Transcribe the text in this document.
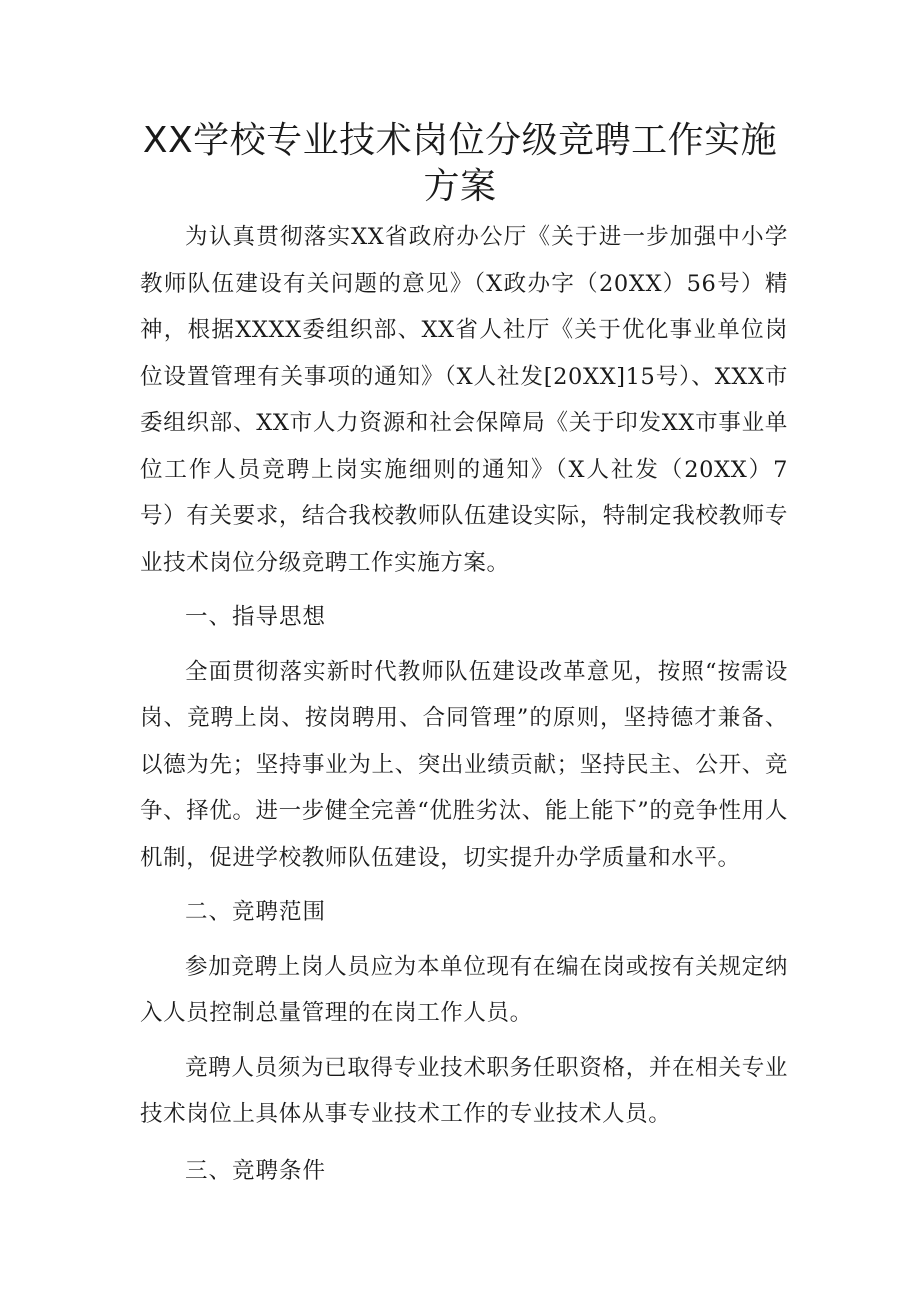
XX学校专业技术岗位分级竞聘工作实施方案

为认真贯彻落实XX省政府办公厅《关于进一步加强中小学教师队伍建设有关问题的意见》（X政办字（20XX）56号）精神，根据XXXX委组织部、XX省人社厅《关于优化事业单位岗位设置管理有关事项的通知》（X人社发[20XX]15号）、XXX市委组织部、XX市人力资源和社会保障局《关于印发XX市事业单位工作人员竞聘上岗实施细则的通知》（X人社发（20XX）7号）有关要求，结合我校教师队伍建设实际，特制定我校教师专业技术岗位分级竞聘工作实施方案。

一、指导思想

全面贯彻落实新时代教师队伍建设改革意见，按照“按需设岗、竞聘上岗、按岗聘用、合同管理”的原则，坚持德才兼备、以德为先；坚持事业为上、突出业绩贡献；坚持民主、公开、竞争、择优。进一步健全完善“优胜劣汰、能上能下”的竞争性用人机制，促进学校教师队伍建设，切实提升办学质量和水平。

二、竞聘范围

参加竞聘上岗人员应为本单位现有在编在岗或按有关规定纳入人员控制总量管理的在岗工作人员。

竞聘人员须为已取得专业技术职务任职资格，并在相关专业技术岗位上具体从事专业技术工作的专业技术人员。

三、竞聘条件
